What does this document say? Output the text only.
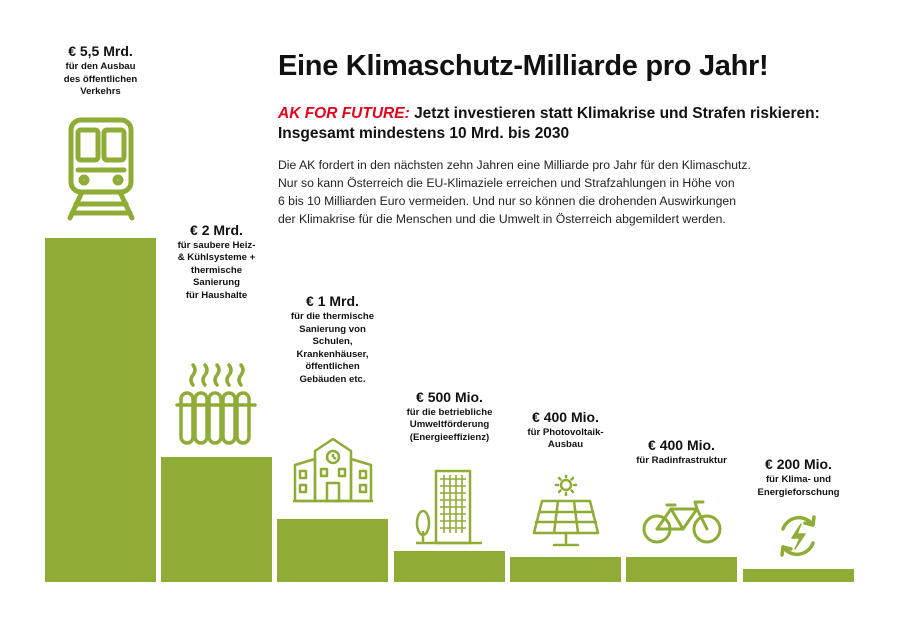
Eine Klimaschutz-Milliarde pro Jahr!
AK FOR FUTURE: Jetzt investieren statt Klimakrise und Strafen riskieren:
Insgesamt mindestens 10 Mrd. bis 2030
Die AK fordert in den nächsten zehn Jahren eine Milliarde pro Jahr für den Klimaschutz.
Nur so kann Österreich die EU-Klimaziele erreichen und Strafzahlungen in Höhe von
6 bis 10 Milliarden Euro vermeiden. Und nur so können die drohenden Auswirkungen
der Klimakrise für die Menschen und die Umwelt in Österreich abgemildert werden.
€ 5,5 Mrd.
für den Ausbau
des öffentlichen
Verkehrs
€ 2 Mrd.
für saubere Heiz-
& Kühlsysteme +
thermische
Sanierung
für Haushalte	€ 1 Mrd.
für die thermische
Sanierung von
Schulen,
Krankenhäuser,
öffentlichen
Gebäuden etc.
€ 500 Mio.
für die betriebliche
Umweltförderung
(Energieeffizienz)
€ 400 Mio.
für Photovoltaik-
Ausbau	€ 400 Mio.
für Radinfrastruktur	€ 200 Mio.
für Klima- und
Energieforschung
